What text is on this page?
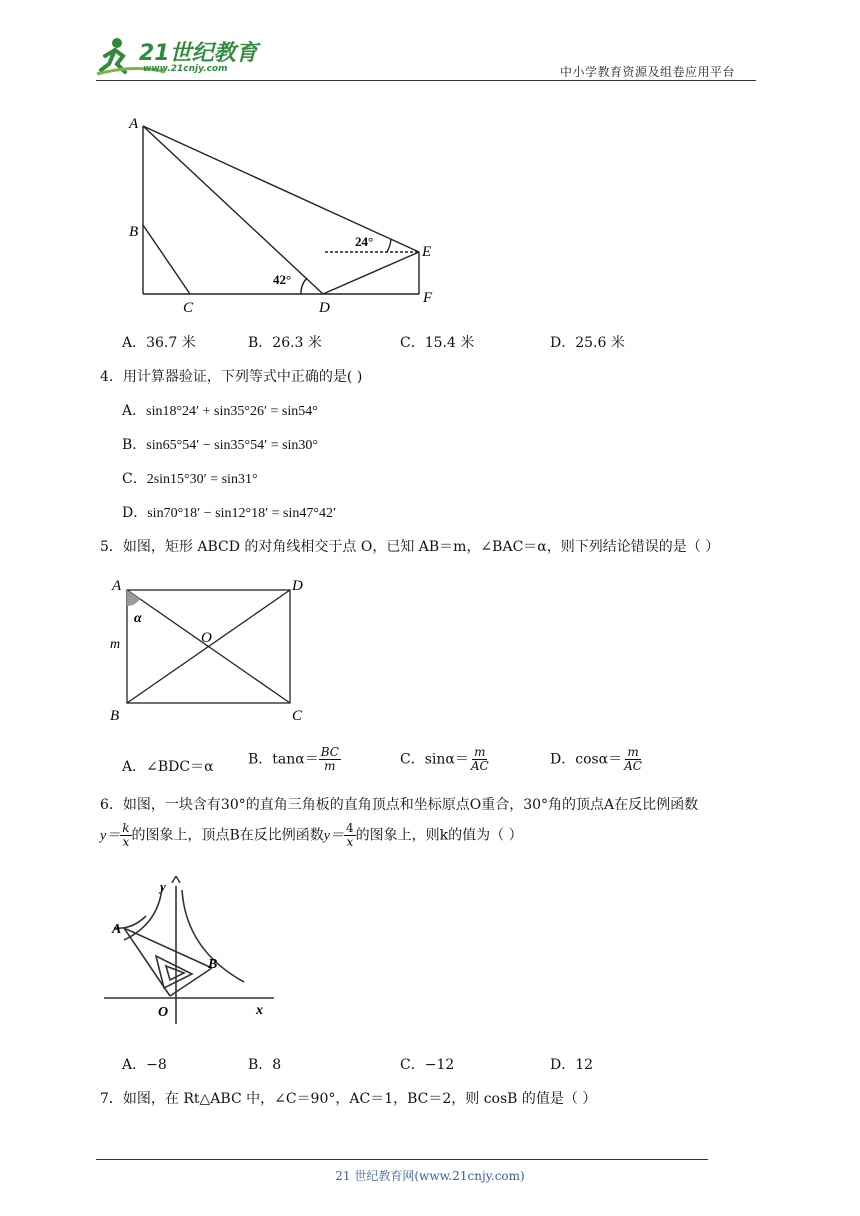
21世纪教育
www.21cnjy.com	中小学教育资源及组卷应用平台
A
B
C	D
E
F
24°
42°
A．36.7 米	B．26.3 米	C．15.4 米	D．25.6 米
4．用计算器验证，下列等式中正确的是( )
A．sin18°24′ + sin35°26′ = sin54°
B．sin65°54′ − sin35°54′ = sin30°
C．2sin15°30′ = sin31°
D．sin70°18′ − sin12°18′ = sin47°42′
5．如图，矩形 ABCD 的对角线相交于点 O，已知 AB＝m，∠BAC＝α，则下列结论错误的是（ ）
A	D
B	C
O
m
α
A．∠BDC＝α B．$\tan\alpha= \frac{BC}{m}$	C．$\sin\alpha= \frac{m}{AC}$	D．$\cos\alpha= \frac{m}{AC}$
6．如图，一块含有30°的直角三角板的直角顶点和坐标原点O重合，30°角的顶点A在反比例函数
$y= \frac{k}{x}$ 的图象上，顶点B在反比例函数$y= \frac{4}{x}$ 的图象上，则k的值为（ ）
y
x
A
B
O
A．−8	B．8	C．−12	D．12
7．如图，在 Rt△ABC 中，∠C＝90°，AC＝1，BC＝2，则 cosB 的值是（ ）
21 世纪教育网(www.21cnjy.com)
